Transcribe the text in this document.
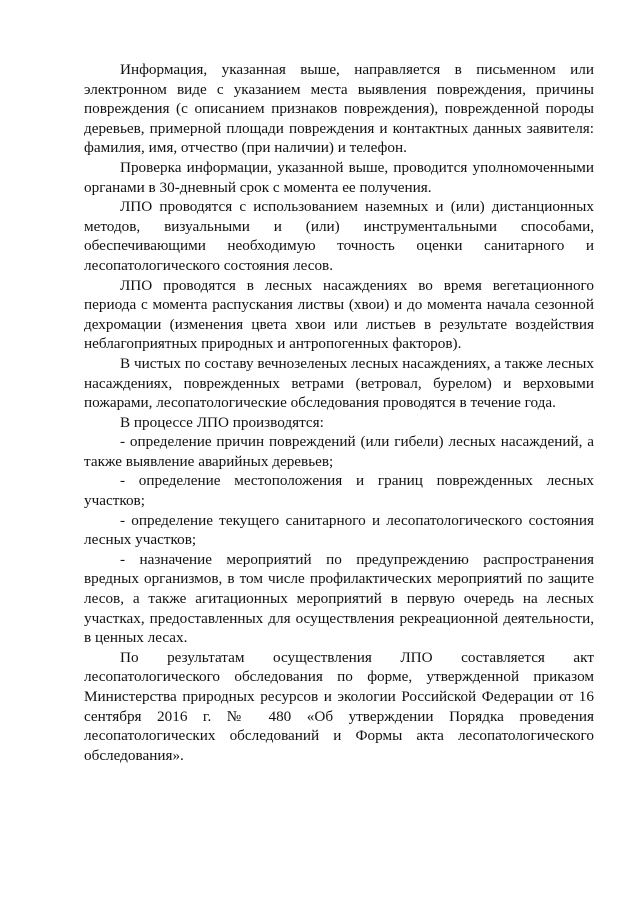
Информация, указанная выше, направляется в письменном или электронном виде с указанием места выявления повреждения, причины повреждения (с описанием признаков повреждения), поврежденной породы деревьев, примерной площади повреждения и контактных данных заявителя: фамилия, имя, отчество (при наличии) и телефон.

Проверка информации, указанной выше, проводится уполномоченными органами в 30-дневный срок с момента ее получения.

ЛПО проводятся с использованием наземных и (или) дистанционных методов, визуальными и (или) инструментальными способами, обеспечивающими необходимую точность оценки санитарного и лесопатологического состояния лесов.

ЛПО проводятся в лесных насаждениях во время вегетационного периода с момента распускания листвы (хвои) и до момента начала сезонной дехромации (изменения цвета хвои или листьев в результате воздействия неблагоприятных природных и антропогенных факторов).

В чистых по составу вечнозеленых лесных насаждениях, а также лесных насаждениях, поврежденных ветрами (ветровал, бурелом) и верховыми пожарами, лесопатологические обследования проводятся в течение года.

В процессе ЛПО производятся:

- определение причин повреждений (или гибели) лесных насаждений, а также выявление аварийных деревьев;

- определение местоположения и границ поврежденных лесных участков;

- определение текущего санитарного и лесопатологического состояния лесных участков;

- назначение мероприятий по предупреждению распространения вредных организмов, в том числе профилактических мероприятий по защите лесов, а также агитационных мероприятий в первую очередь на лесных участках, предоставленных для осуществления рекреационной деятельности, в ценных лесах.

По результатам осуществления ЛПО составляется акт лесопатологического обследования по форме, утвержденной приказом Министерства природных ресурсов и экологии Российской Федерации от 16 сентября 2016 г. № 480 «Об утверждении Порядка проведения лесопатологических обследований и Формы акта лесопатологического обследования».
